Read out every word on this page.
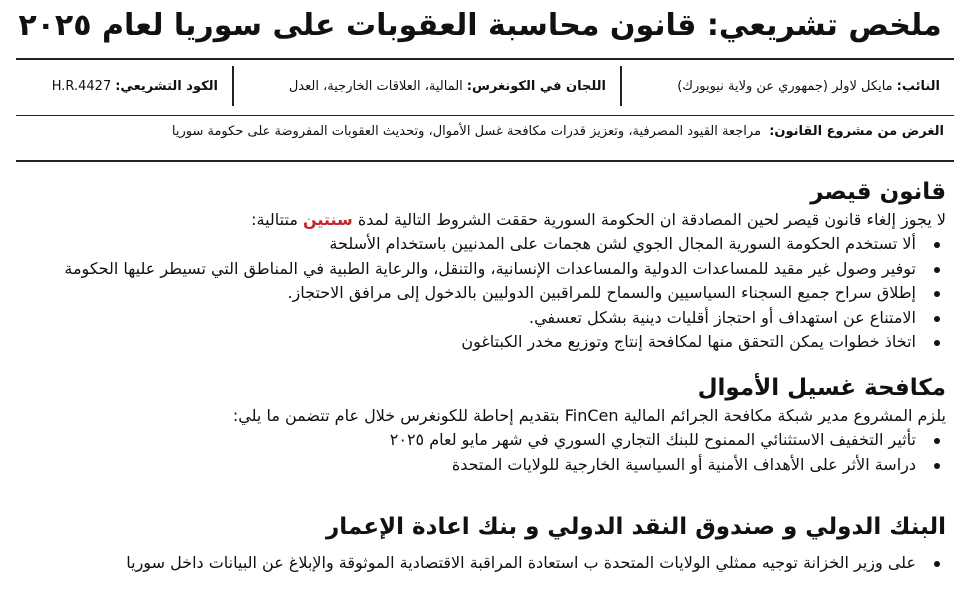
ملخص تشريعي: قانون محاسبة العقوبات على سوريا لعام ٢٠٢٥
النائب:
مايكل لاولر (جمهوري عن ولاية نيويورك)
اللجان في الكونغرس:
المالية، العلاقات الخارجية، العدل
الكود التشريعي:
H.R.4427
الغرض من مشروع القانون: مراجعة القيود المصرفية، وتعزيز قدرات مكافحة غسل الأموال، وتحديث العقوبات المفروضة على حكومة سوريا
قانون قيصر

لا يجوز إلغاء قانون قيصر لحين المصادقة ان الحكومة السورية حققت الشروط التالية لمدة سنتين متتالية:

ألا تستخدم الحكومة السورية المجال الجوي لشن هجمات على المدنيين باستخدام الأسلحة
توفير وصول غير مقيد للمساعدات الدولية والمساعدات الإنسانية، والتنقل، والرعاية الطبية في المناطق التي تسيطر عليها الحكومة
إطلاق سراح جميع السجناء السياسيين والسماح للمراقبين الدوليين بالدخول إلى مرافق الاحتجاز.
الامتناع عن استهداف أو احتجاز أقليات دينية بشكل تعسفي.
اتخاذ خطوات يمكن التحقق منها لمكافحة إنتاج وتوزيع مخدر الكبتاغون
مكافحة غسيل الأموال

يلزم المشروع مدير شبكة مكافحة الجرائم المالية FinCen بتقديم إحاطة للكونغرس خلال عام تتضمن ما يلي:

تأثير التخفيف الاستثنائي الممنوح للبنك التجاري السوري في شهر مايو لعام ٢٠٢٥
دراسة الأثر على الأهداف الأمنية أو السياسية الخارجية للولايات المتحدة
البنك الدولي و صندوق النقد الدولي و بنك اعادة الإعمار
على وزير الخزانة توجيه ممثلي الولايات المتحدة ب استعادة المراقبة الاقتصادية الموثوقة والإبلاغ عن البيانات داخل سوريا
